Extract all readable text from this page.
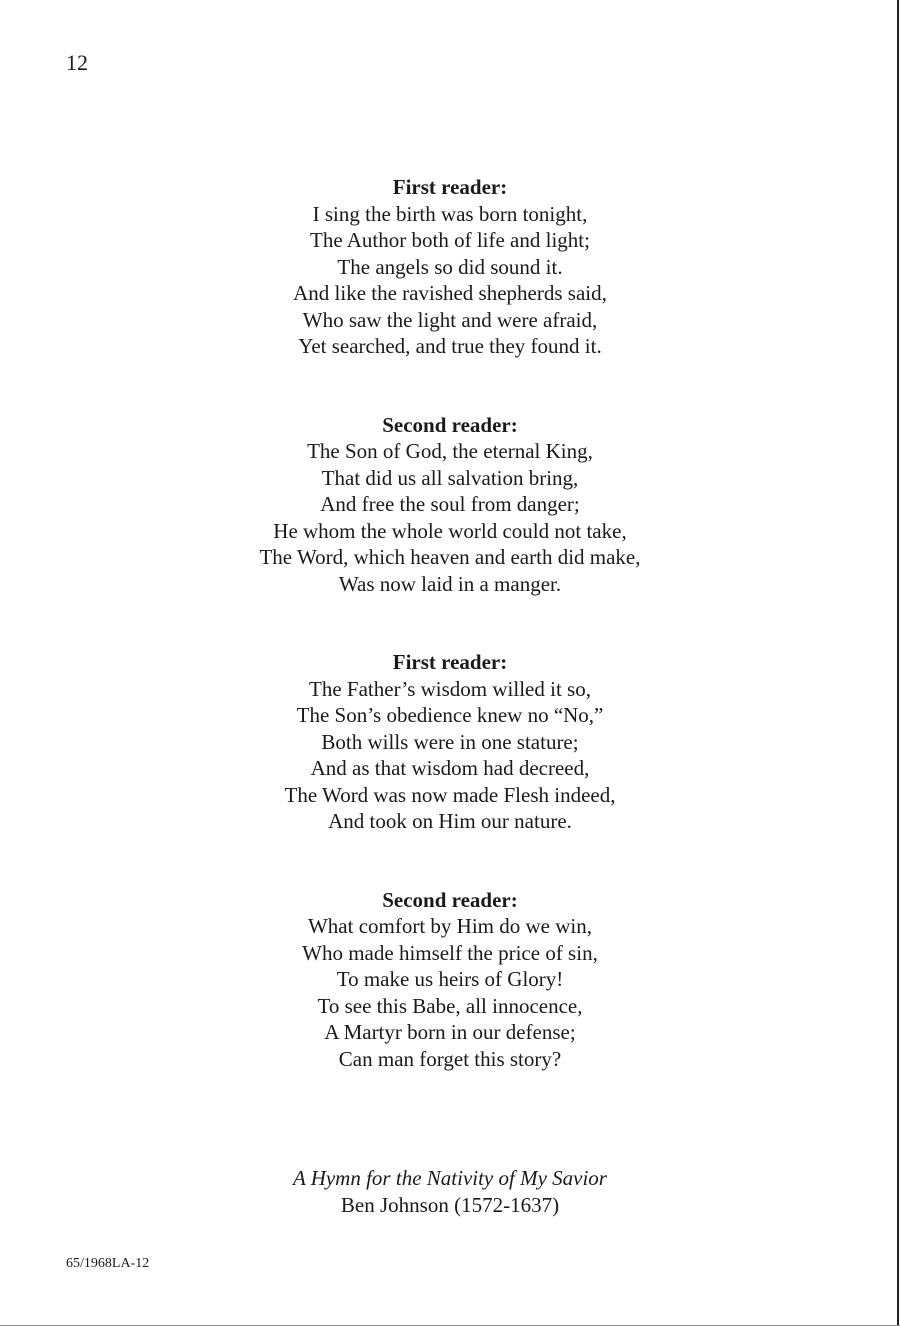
12
First reader:
I sing the birth was born tonight,
The Author both of life and light;
The angels so did sound it.
And like the ravished shepherds said,
Who saw the light and were afraid,
Yet searched, and true they found it.
Second reader:
The Son of God, the eternal King,
That did us all salvation bring,
And free the soul from danger;
He whom the whole world could not take,
The Word, which heaven and earth did make,
Was now laid in a manger.
First reader:
The Father’s wisdom willed it so,
The Son’s obedience knew no “No,”
Both wills were in one stature;
And as that wisdom had decreed,
The Word was now made Flesh indeed,
And took on Him our nature.
Second reader:
What comfort by Him do we win,
Who made himself the price of sin,
To make us heirs of Glory!
To see this Babe, all innocence,
A Martyr born in our defense;
Can man forget this story?
A Hymn for the Nativity of My Savior
Ben Johnson (1572-1637)
65/1968LA-12
